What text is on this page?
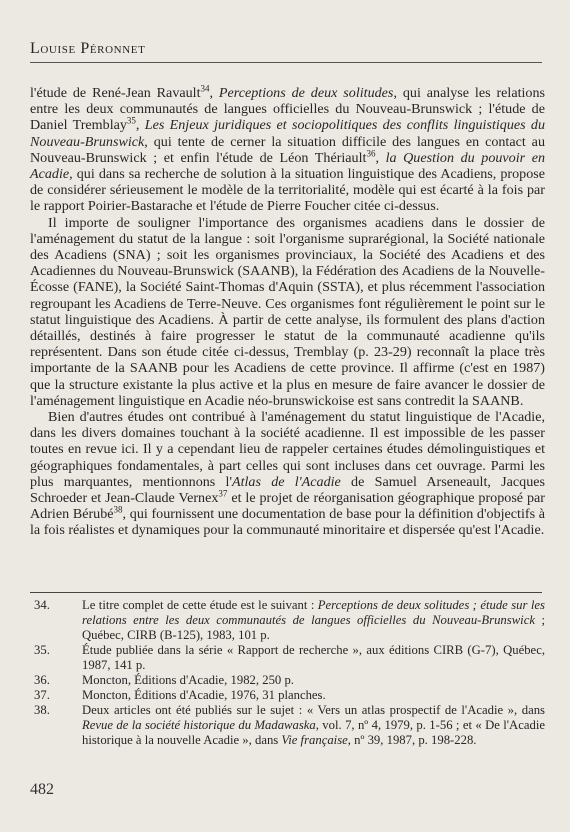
Louise Péronnet

l'étude de René-Jean Ravault$^{34}$, Perceptions de deux solitudes, qui analyse les relations entre les deux communautés de langues officielles du Nouveau-Brunswick ; l'étude de Daniel Tremblay$^{35}$, Les Enjeux juridiques et sociopolitiques des conflits linguistiques du Nouveau-Brunswick, qui tente de cerner la situation difficile des langues en contact au Nouveau-Brunswick ; et enfin l'étude de Léon Thériault$^{36}$, la Question du pouvoir en Acadie, qui dans sa recherche de solution à la situation linguistique des Acadiens, propose de considérer sérieusement le modèle de la territorialité, modèle qui est écarté à la fois par le rapport Poirier-Bastarache et l'étude de Pierre Foucher citée ci-dessus.

Il importe de souligner l'importance des organismes acadiens dans le dossier de l'aménagement du statut de la langue : soit l'organisme suprarégional, la Société nationale des Acadiens (SNA) ; soit les organismes provinciaux, la Société des Acadiens et des Acadiennes du Nouveau-Brunswick (SAANB), la Fédération des Acadiens de la Nouvelle-Écosse (FANE), la Société Saint-Thomas d'Aquin (SSTA), et plus récemment l'association regroupant les Acadiens de Terre-Neuve. Ces organismes font régulièrement le point sur le statut linguistique des Acadiens. À partir de cette analyse, ils formulent des plans d'action détaillés, destinés à faire progresser le statut de la communauté acadienne qu'ils représentent. Dans son étude citée ci-dessus, Tremblay (p. 23-29) reconnaît la place très importante de la SAANB pour les Acadiens de cette province. Il affirme (c'est en 1987) que la structure existante la plus active et la plus en mesure de faire avancer le dossier de l'aménagement linguistique en Acadie néo-brunswickoise est sans contredit la SAANB.

Bien d'autres études ont contribué à l'aménagement du statut linguistique de l'Acadie, dans les divers domaines touchant à la société acadienne. Il est impossible de les passer toutes en revue ici. Il y a cependant lieu de rappeler certaines études démolinguistiques et géographiques fondamentales, à part celles qui sont incluses dans cet ouvrage. Parmi les plus marquantes, mentionnons l'Atlas de l'Acadie de Samuel Arseneault, Jacques Schroeder et Jean-Claude Vernex$^{37}$ et le projet de réorganisation géographique proposé par Adrien Bérubé$^{38}$, qui fournissent une documentation de base pour la définition d'objectifs à la fois réalistes et dynamiques pour la communauté minoritaire et dispersée qu'est l'Acadie.

34.	Le titre complet de cette étude est le suivant : Perceptions de deux solitudes ; étude sur les relations entre les deux communautés de langues officielles du Nouveau-Brunswick ; Québec, CIRB (B-125), 1983, 101 p.
35.	Étude publiée dans la série « Rapport de recherche », aux éditions CIRB (G-7), Québec, 1987, 141 p.
36.	Moncton, Éditions d'Acadie, 1982, 250 p.
37.	Moncton, Éditions d'Acadie, 1976, 31 planches.
38.	Deux articles ont été publiés sur le sujet : « Vers un atlas prospectif de l'Acadie », dans Revue de la société historique du Madawaska, vol. 7, nº 4, 1979, p. 1-56 ; et « De l'Acadie historique à la nouvelle Acadie », dans Vie française, nº 39, 1987, p. 198-228.
482
